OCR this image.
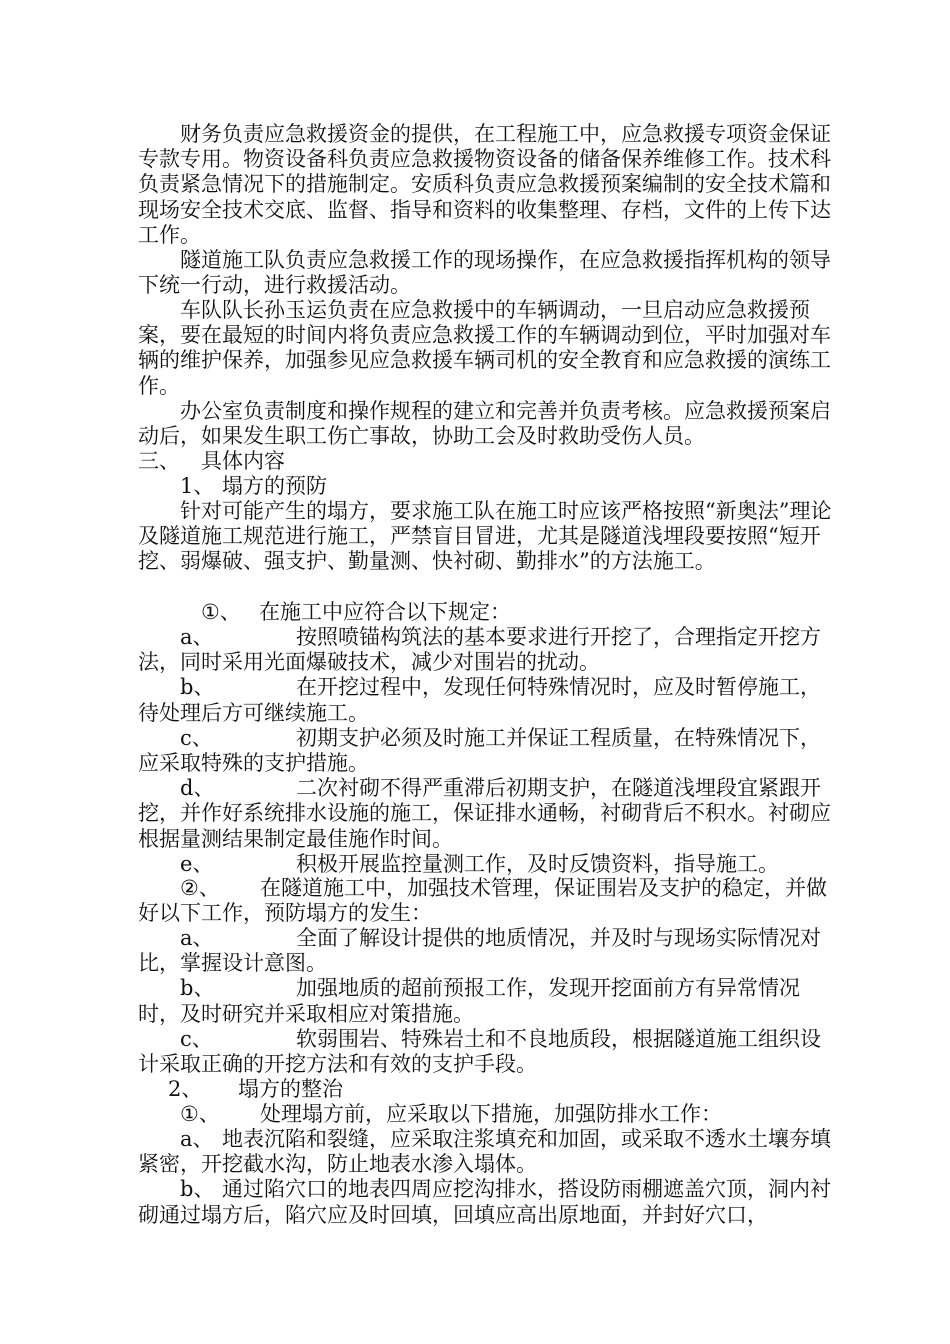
财务负责应急救援资金的提供，在工程施工中，应急救援专项资金保证专款专用。物资设备科负责应急救援物资设备的储备保养维修工作。技术科负责紧急情况下的措施制定。安质科负责应急救援预案编制的安全技术篇和现场安全技术交底、监督、指导和资料的收集整理、存档，文件的上传下达工作。

隧道施工队负责应急救援工作的现场操作，在应急救援指挥机构的领导下统一行动，进行救援活动。

车队队长孙玉运负责在应急救援中的车辆调动，一旦启动应急救援预案，要在最短的时间内将负责应急救援工作的车辆调动到位，平时加强对车辆的维护保养，加强参见应急救援车辆司机的安全教育和应急救援的演练工作。

办公室负责制度和操作规程的建立和完善并负责考核。应急救援预案启动后，如果发生职工伤亡事故，协助工会及时救助受伤人员。

三、 具体内容
1、 塌方的预防

针对可能产生的塌方，要求施工队在施工时应该严格按照“新奥法”理论及隧道施工规范进行施工，严禁盲目冒进，尤其是隧道浅埋段要按照“短开挖、弱爆破、强支护、勤量测、快衬砌、勤排水”的方法施工。

①、 在施工中应符合以下规定：

a、	按照喷锚构筑法的基本要求进行开挖了，合理指定开挖方法，同时采用光面爆破技术，减少对围岩的扰动。

b、	在开挖过程中，发现任何特殊情况时，应及时暂停施工，待处理后方可继续施工。

c、	初期支护必须及时施工并保证工程质量，在特殊情况下，应采取特殊的支护措施。

d、	二次衬砌不得严重滞后初期支护，在隧道浅埋段宜紧跟开挖，并作好系统排水设施的施工，保证排水通畅，衬砌背后不积水。衬砌应根据量测结果制定最佳施作时间。

e、	积极开展监控量测工作，及时反馈资料，指导施工。

②、 在隧道施工中，加强技术管理，保证围岩及支护的稳定，并做好以下工作，预防塌方的发生：

a、	全面了解设计提供的地质情况，并及时与现场实际情况对比，掌握设计意图。

b、	加强地质的超前预报工作，发现开挖面前方有异常情况时，及时研究并采取相应对策措施。

c、	软弱围岩、特殊岩土和不良地质段，根据隧道施工组织设计采取正确的开挖方法和有效的支护手段。

2、 塌方的整治
①、 处理塌方前，应采取以下措施，加强防排水工作：

a、 地表沉陷和裂缝，应采取注浆填充和加固，或采取不透水土壤夯填紧密，开挖截水沟，防止地表水渗入塌体。

b、 通过陷穴口的地表四周应挖沟排水，搭设防雨棚遮盖穴顶，洞内衬砌通过塌方后，陷穴应及时回填，回填应高出原地面，并封好穴口，
